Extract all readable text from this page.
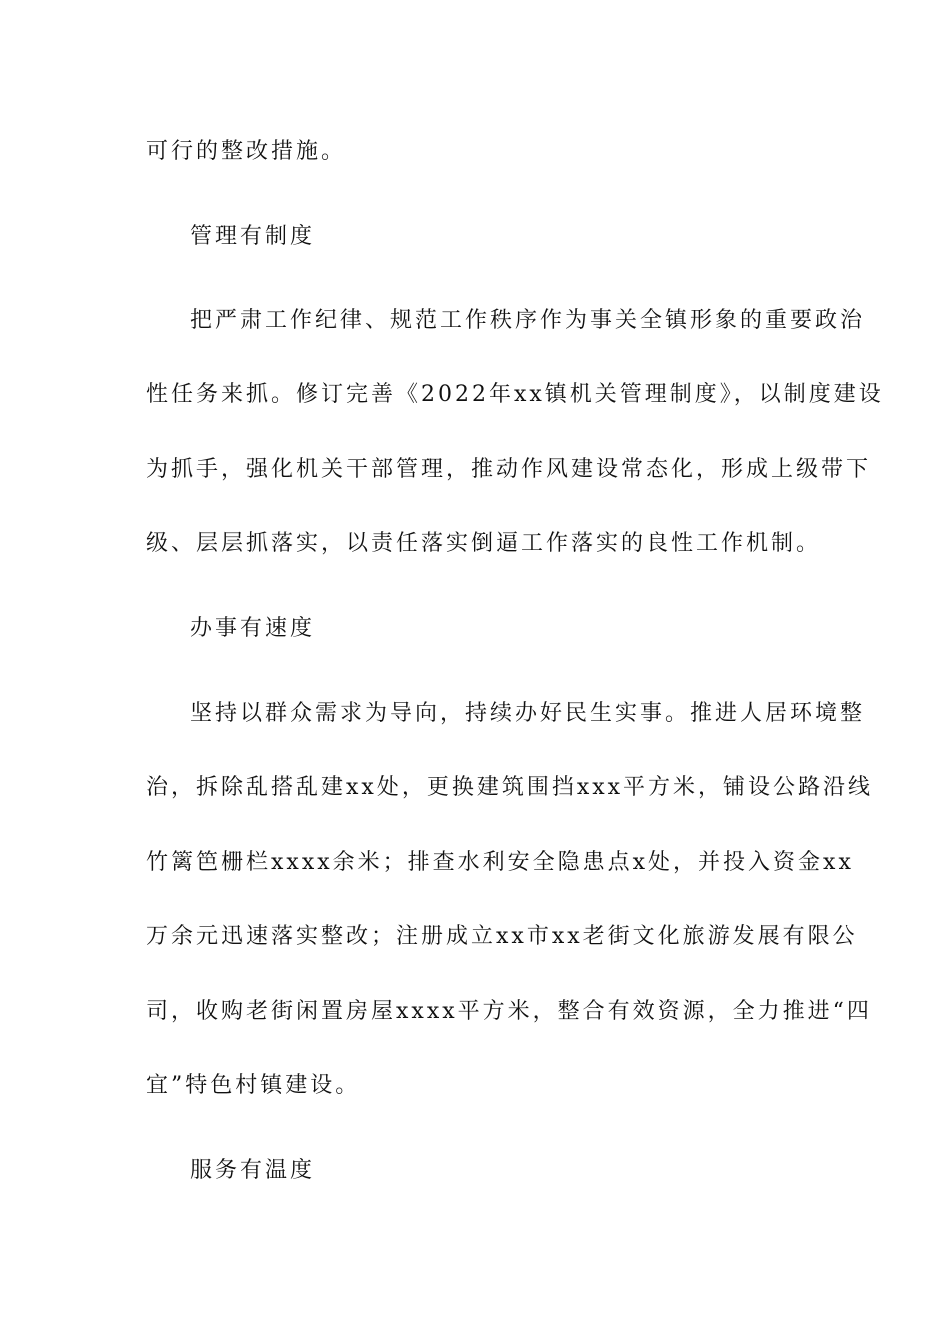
可行的整改措施。
管理有制度
把严肃工作纪律、规范工作秩序作为事关全镇形象的重要政治
性任务来抓。修订完善《2022年xx镇机关管理制度》，以制度建设
为抓手，强化机关干部管理，推动作风建设常态化，形成上级带下
级、层层抓落实，以责任落实倒逼工作落实的良性工作机制。
办事有速度
坚持以群众需求为导向，持续办好民生实事。推进人居环境整
治，拆除乱搭乱建xx处，更换建筑围挡xxx平方米，铺设公路沿线
竹篱笆栅栏xxxx余米；排查水利安全隐患点x处，并投入资金xx
万余元迅速落实整改；注册成立xx市xx老街文化旅游发展有限公
司，收购老街闲置房屋xxxx平方米，整合有效资源，全力推进“四
宜”特色村镇建设。
服务有温度
